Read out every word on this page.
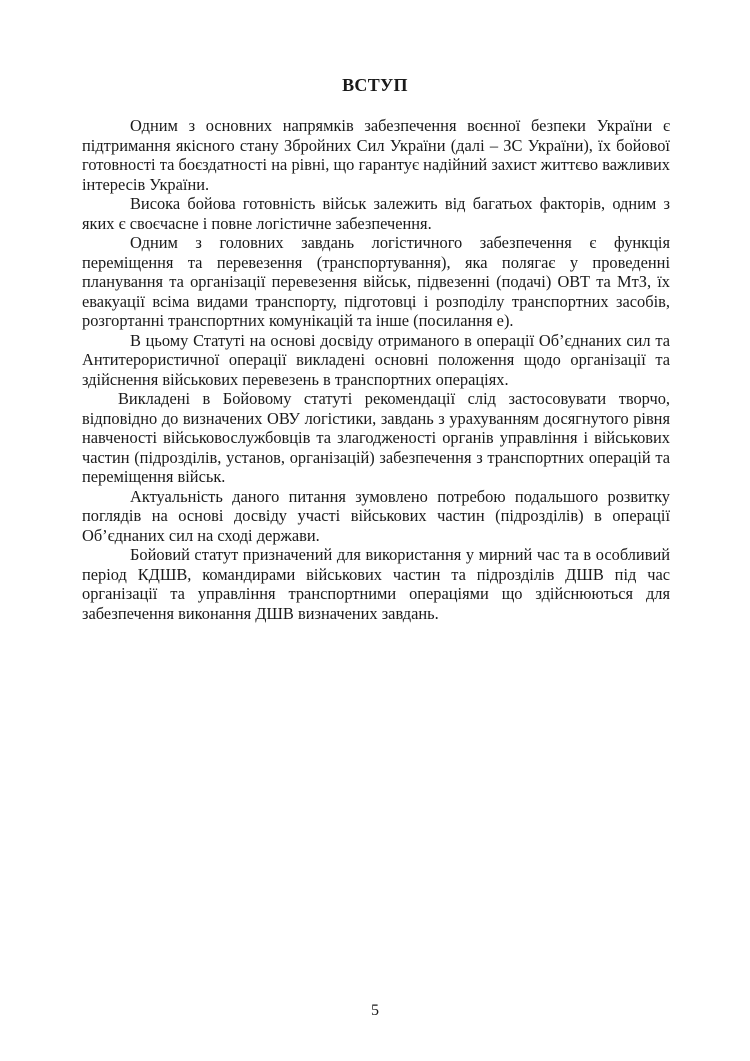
ВСТУП

Одним з основних напрямків забезпечення воєнної безпеки України є підтримання якісного стану Збройних Сил України (далі – ЗС України), їх бойової готовності та боєздатності на рівні, що гарантує надійний захист життєво важливих інтересів України.

Висока бойова готовність військ залежить від багатьох факторів, одним з яких є своєчасне і повне логістичне забезпечення.

Одним з головних завдань логістичного забезпечення є функція переміщення та перевезення (транспортування), яка полягає у проведенні планування та організації перевезення військ, підвезенні (подачі) ОВТ та МтЗ, їх евакуації всіма видами транспорту, підготовці і розподілу транспортних засобів, розгортанні транспортних комунікацій та інше (посилання е).

В цьому Статуті на основі досвіду отриманого в операції Об’єднаних сил та Антитерористичної операції викладені основні положення щодо організації та здійснення військових перевезень в транспортних операціях.

Викладені в Бойовому статуті рекомендації слід застосовувати творчо, відповідно до визначених ОВУ логістики, завдань з урахуванням досягнутого рівня навченості військовослужбовців та злагодженості органів управління і військових частин (підрозділів, установ, організацій) забезпечення з транспортних операцій та переміщення військ.

Актуальність даного питання зумовлено потребою подальшого розвитку поглядів на основі досвіду участі військових частин (підрозділів) в операції Об’єднаних сил на сході держави.

Бойовий статут призначений для використання у мирний час та в особливий період КДШВ, командирами військових частин та підрозділів ДШВ під час організації та управління транспортними операціями що здійснюються для забезпечення виконання ДШВ визначених завдань.

5
